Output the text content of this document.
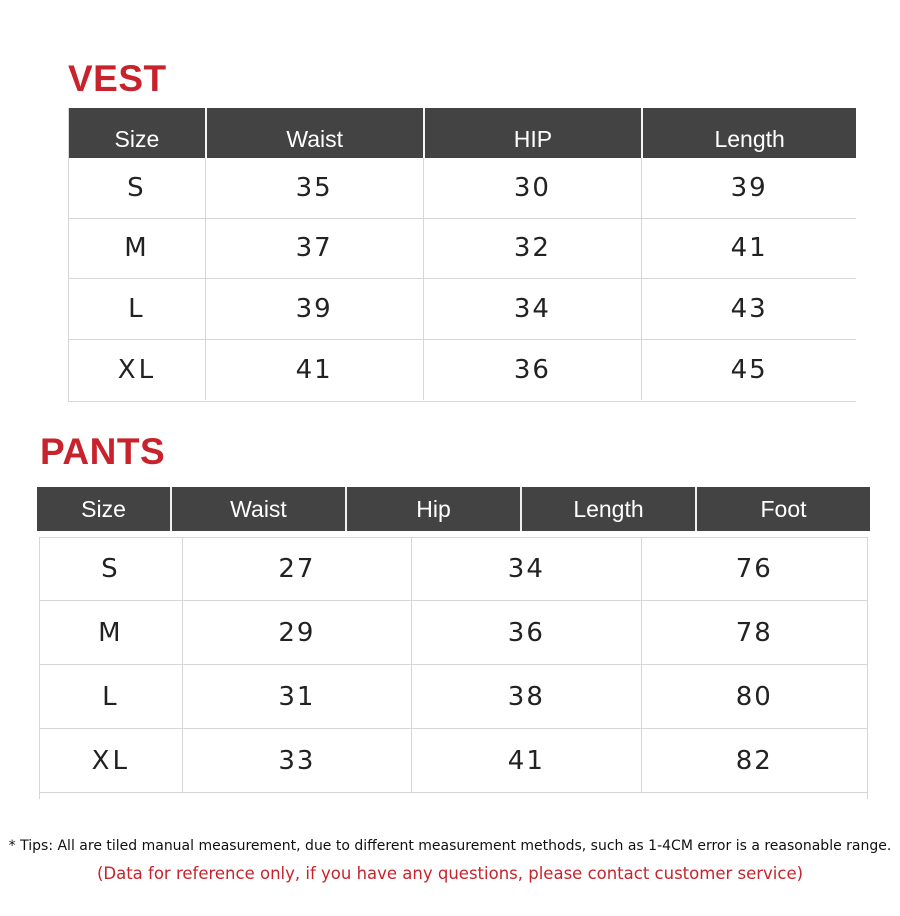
VEST
Size	Waist	HIP	Length
S	35	30	39
M	37	32	41
L	39	34	43
XL	41	36	45
PANTS
Size	Waist	Hip	Length	Foot
S	27	34	76
M	29	36	78
L	31	38	80
XL	33	41	82

* Tips: All are tiled manual measurement, due to different measurement methods, such as 1-4CM error is a reasonable range.

(Data for reference only, if you have any questions, please contact customer service)
